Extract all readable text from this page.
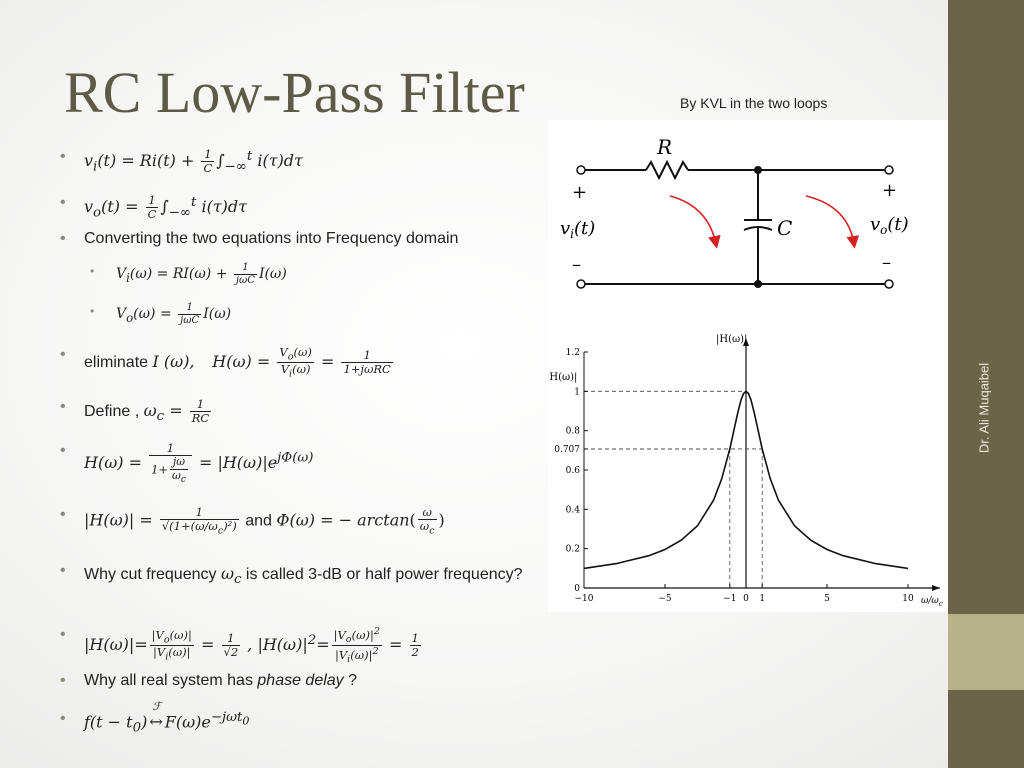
Dr. Ali Muqaibel
RC Low-Pass Filter	By KVL in the two loops
• $v_i(t) = Ri(t) + \frac{1}{C} \int_{-\infty}^t$ i(τ)dτ
• $v_o(t) = \frac{1}{C} \int_{-\infty}^t$ i(τ)dτ
• Converting the two equations into Frequency domain
• $V_i(\omega) = RI(\omega) + \frac{1}{\text{jωC}} I(\omega)$
• $V_o(\omega) = \frac{1}{\text{jωC}} I(\omega)$
• eliminate I (ω), $H(\omega) = \frac{V_o(\omega)}{V_i(\omega)} = \frac{1}{\text{1+jωRC}}$
• Define , $\omega_c = \frac{1}{RC}$
•
$H(\omega) = \frac{1}{1+ \frac{j\omega}{\omega_c}} = |H(\omega)|e^{j\Phi(\omega)}$
• $|H(\omega)| = \frac{1}{√(1+(\omega/\omega_c)^2)}$ and Φ(ω) = − $\arctan( \frac{\omega}{\omega_c}$ )
• Why cut frequency $\omega_c$ is called 3-dB or half power frequency?
•
$|H(\omega)|= \frac{|V_o(\omega)|}{|V_i(\omega)|} = \frac{1}{√2}$ , $|H(\omega)|^2= \frac{|V_o(\omega)|^2}{|V_i(\omega)|^2} = \frac{1}{2}$
• Why all real system has phase delay ?
• $f(t - t_0)$
ℱ
↔ $F(\omega)e^{-j\omega t_0}$
R
C
+
–
+
–
$v_i(t)$	$v_o(t)$
0
0.2
0.4
0.6
0.707
0.8
1
1.2
−10	−5	−1 0 1	5	10
|H(ω)|
|H(ω)|
$\omega/\omega_c$
